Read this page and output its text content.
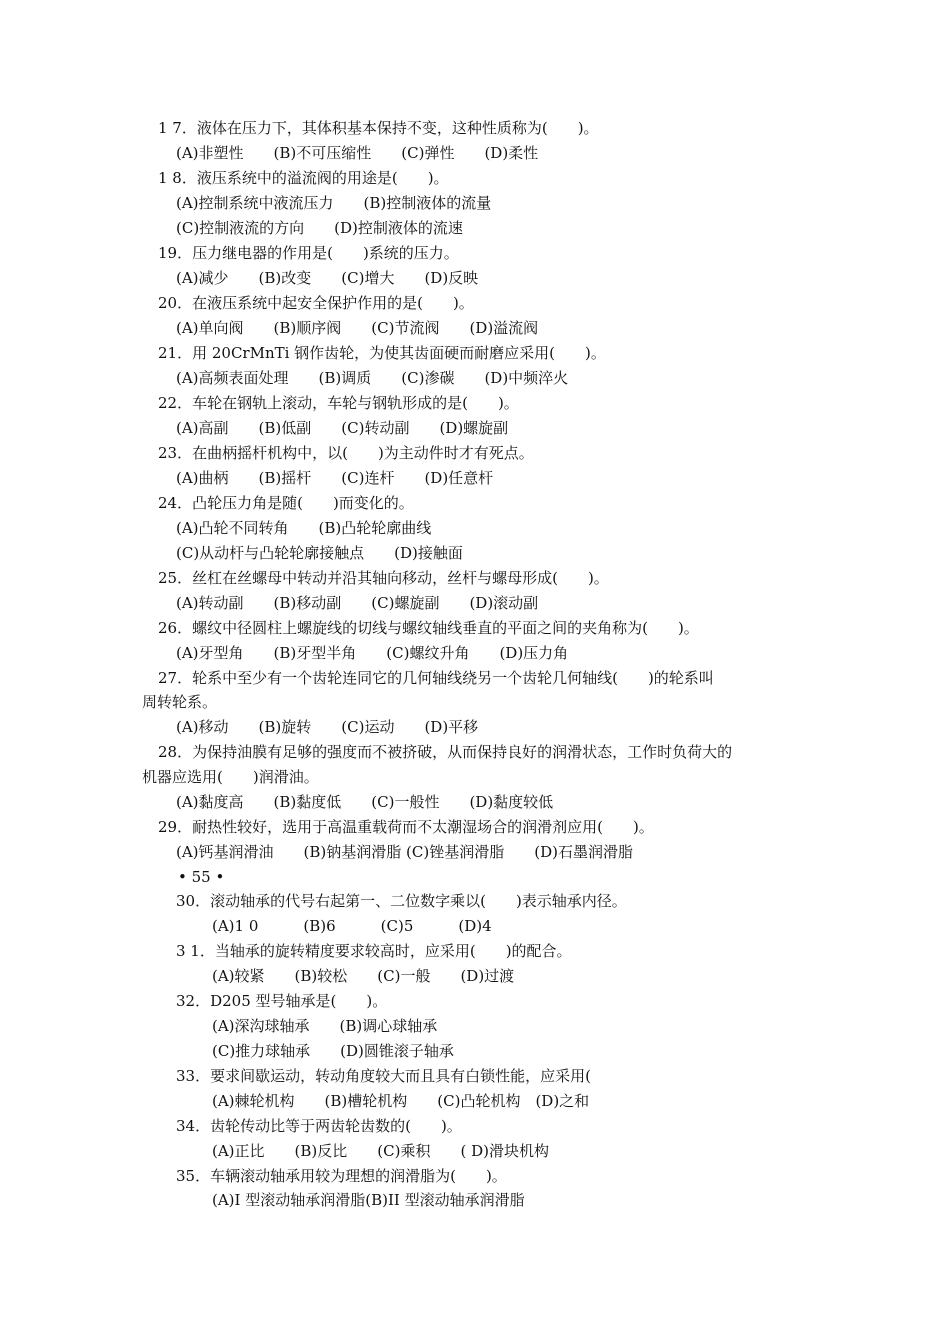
1 7．液体在压力下，其体积基本保持不变，这种性质称为(　　)。

(A)非塑性　　(B)不可压缩性　　(C)弹性　　(D)柔性

1 8．液压系统中的溢流阀的用途是(　　)。

(A)控制系统中液流压力　　(B)控制液体的流量

(C)控制液流的方向　　(D)控制液体的流速

19．压力继电器的作用是(　　)系统的压力。

(A)减少　　(B)改变　　(C)增大　　(D)反映

20．在液压系统中起安全保护作用的是(　　)。

(A)单向阀　　(B)顺序阀　　(C)节流阀　　(D)溢流阀

21．用 20CrMnTi 钢作齿轮，为使其齿面硬而耐磨应采用(　　)。

(A)高频表面处理　　(B)调质　　(C)渗碳　　(D)中频淬火

22．车轮在钢轨上滚动，车轮与钢轨形成的是(　　)。

(A)高副　　(B)低副　　(C)转动副　　(D)螺旋副

23．在曲柄摇杆机构中，以(　　)为主动件时才有死点。

(A)曲柄　　(B)摇杆　　(C)连杆　　(D)任意杆

24．凸轮压力角是随(　　)而变化的。

(A)凸轮不同转角　　(B)凸轮轮廓曲线

(C)从动杆与凸轮轮廓接触点　　(D)接触面

25．丝杠在丝螺母中转动并沿其轴向移动，丝杆与螺母形成(　　)。

(A)转动副　　(B)移动副　　(C)螺旋副　　(D)滚动副

26．螺纹中径圆柱上螺旋线的切线与螺纹轴线垂直的平面之间的夹角称为(　　)。

(A)牙型角　　(B)牙型半角　　(C)螺纹升角　　(D)压力角

27．轮系中至少有一个齿轮连同它的几何轴线绕另一个齿轮几何轴线(　　)的轮系叫

周转轮系。

(A)移动　　(B)旋转　　(C)运动　　(D)平移

28．为保持油膜有足够的强度而不被挤破，从而保持良好的润滑状态，工作时负荷大的

机器应选用(　　)润滑油。

(A)黏度高　　(B)黏度低　　(C)一般性　　(D)黏度较低

29．耐热性较好，选用于高温重载荷而不太潮湿场合的润滑剂应用(　　)。

(A)钙基润滑油　　(B)钠基润滑脂 (C)锉基润滑脂　　(D)石墨润滑脂

• 55 •

30．滚动轴承的代号右起第一、二位数字乘以(　　)表示轴承内径。

(A)1 0　　　(B)6　　　(C)5　　　(D)4

3 1．当轴承的旋转精度要求较高时，应采用(　　)的配合。

(A)较紧　　(B)较松　　(C)一般　　(D)过渡

32．D205 型号轴承是(　　)。

(A)深沟球轴承　　(B)调心球轴承

(C)推力球轴承　　(D)圆锥滚子轴承

33．要求间歇运动，转动角度较大而且具有白锁性能，应采用(

(A)棘轮机构　　(B)槽轮机构　　(C)凸轮机构　(D)之和

34．齿轮传动比等于两齿轮齿数的(　　)。

(A)正比　　(B)反比　　(C)乘积　　( D)滑块机构

35．车辆滚动轴承用较为理想的润滑脂为(　　)。

(A)I 型滚动轴承润滑脂(B)II 型滚动轴承润滑脂
